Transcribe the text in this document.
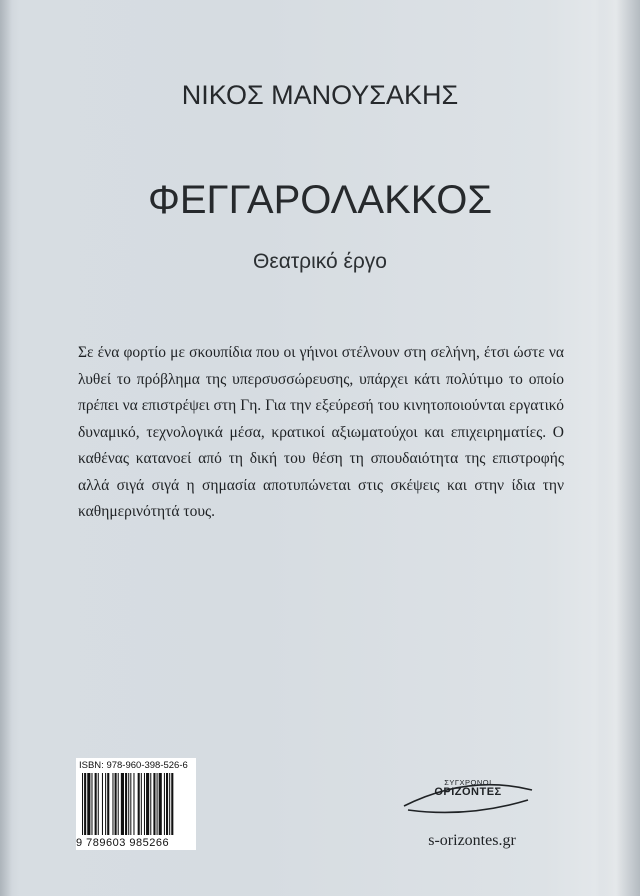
ΝΙΚΟΣ ΜΑΝΟΥΣΑΚΗΣ
ΦΕΓΓΑΡΟΛΑΚΚΟΣ
Θεατρικό έργο
Σε ένα φορτίο με σκουπίδια που οι γήινοι στέλνουν στη σελήνη, έτσι ώστε να λυθεί το πρόβλημα της υπερσυσσώρευσης, υπάρχει κάτι πολύτιμο το οποίο πρέπει να επιστρέψει στη Γη. Για την εξεύρεσή του κινητοποιούνται εργατικό δυναμικό, τεχνολογικά μέσα, κρατικοί αξιωματούχοι και επιχειρηματίες. Ο καθένας κατανοεί από τη δική του θέση τη σπουδαιότητα της επιστροφής αλλά σιγά σιγά η σημασία αποτυπώνεται στις σκέψεις και στην ίδια την καθημερινότητά τους.
ISBN: 978-960-398-526-6
9 789603 985266
ΣΥΓΧΡΟΝΟΙ
ΟΡΙΖΟΝΤΕΣ
s-orizontes.gr
